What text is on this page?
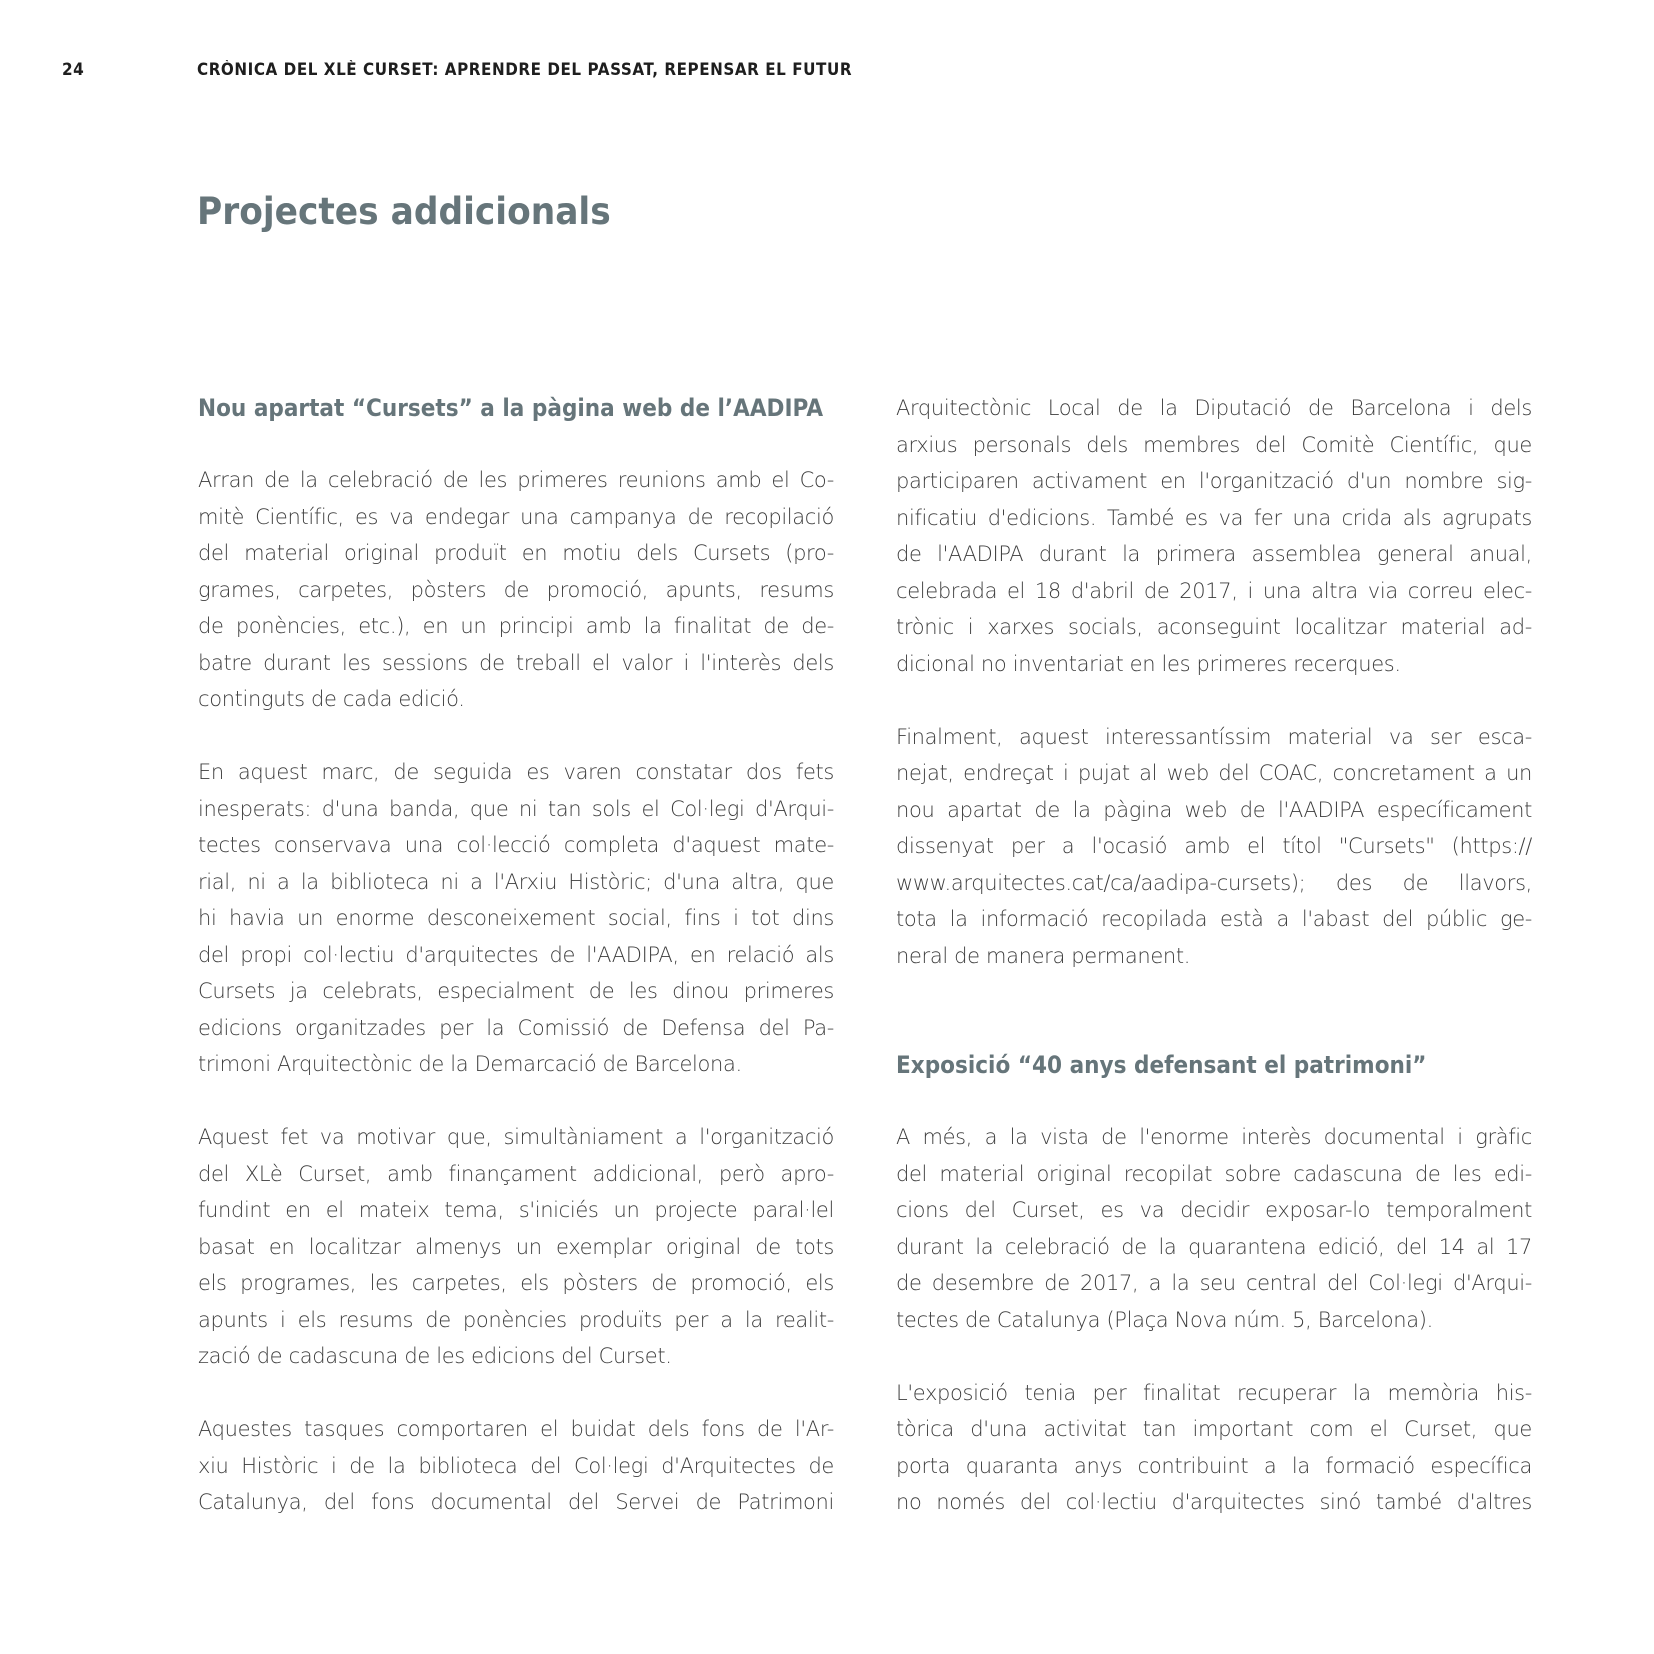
24	CRÒNICA DEL XLÈ CURSET: APRENDRE DEL PASSAT, REPENSAR EL FUTUR
Projectes addicionals
Nou apartat “Cursets” a la pàgina web de l’AADIPA

Arran de la celebració de les primeres reunions amb el Co-
mitè Científic, es va endegar una campanya de recopilació
del material original produït en motiu dels Cursets (pro-
grames, carpetes, pòsters de promoció, apunts, resums
de ponències, etc.), en un principi amb la finalitat de de-
batre durant les sessions de treball el valor i l'interès dels
continguts de cada edició.

En aquest marc, de seguida es varen constatar dos fets
inesperats: d'una banda, que ni tan sols el Col·legi d'Arqui-
tectes conservava una col·lecció completa d'aquest mate-
rial, ni a la biblioteca ni a l'Arxiu Històric; d'una altra, que
hi havia un enorme desconeixement social, fins i tot dins
del propi col·lectiu d'arquitectes de l'AADIPA, en relació als
Cursets ja celebrats, especialment de les dinou primeres
edicions organitzades per la Comissió de Defensa del Pa-
trimoni Arquitectònic de la Demarcació de Barcelona.

Aquest fet va motivar que, simultàniament a l'organització
del XLè Curset, amb finançament addicional, però apro-
fundint en el mateix tema, s'iniciés un projecte paral·lel
basat en localitzar almenys un exemplar original de tots
els programes, les carpetes, els pòsters de promoció, els
apunts i els resums de ponències produïts per a la realit-
zació de cadascuna de les edicions del Curset.

Aquestes tasques comportaren el buidat dels fons de l'Ar-
xiu Històric i de la biblioteca del Col·legi d'Arquitectes de
Catalunya, del fons documental del Servei de Patrimoni

Arquitectònic Local de la Diputació de Barcelona i dels
arxius personals dels membres del Comitè Científic, que
participaren activament en l'organització d'un nombre sig-
nificatiu d'edicions. També es va fer una crida als agrupats
de l'AADIPA durant la primera assemblea general anual,
celebrada el 18 d'abril de 2017, i una altra via correu elec-
trònic i xarxes socials, aconseguint localitzar material ad-
dicional no inventariat en les primeres recerques.

Finalment, aquest interessantíssim material va ser esca-
nejat, endreçat i pujat al web del COAC, concretament a un
nou apartat de la pàgina web de l'AADIPA específicament
dissenyat per a l'ocasió amb el títol "Cursets" (https://
www.arquitectes.cat/ca/aadipa-cursets); des de llavors,
tota la informació recopilada està a l'abast del públic ge-
neral de manera permanent.

Exposició “40 anys defensant el patrimoni”

A més, a la vista de l'enorme interès documental i gràfic
del material original recopilat sobre cadascuna de les edi-
cions del Curset, es va decidir exposar-lo temporalment
durant la celebració de la quarantena edició, del 14 al 17
de desembre de 2017, a la seu central del Col·legi d'Arqui-
tectes de Catalunya (Plaça Nova núm. 5, Barcelona).

L'exposició tenia per finalitat recuperar la memòria his-
tòrica d'una activitat tan important com el Curset, que
porta quaranta anys contribuint a la formació específica
no només del col·lectiu d'arquitectes sinó també d'altres
